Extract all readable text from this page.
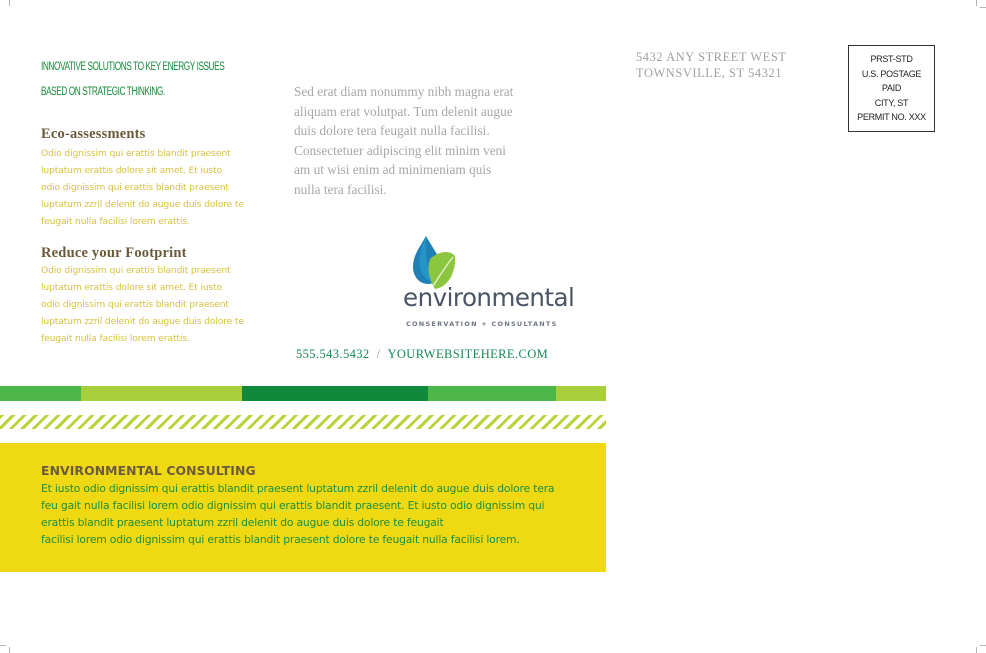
INNOVATIVE SOLUTIONS TO KEY ENERGY ISSUES
BASED ON STRATEGIC THINKING.
Eco-assessments
Odio dignissim qui erattis blandit praesent
luptatum erattis dolore sit amet. Et iusto
odio dignissim qui erattis blandit praesent
luptatum zzril delenit do augue duis dolore te
feugait nulla facilisi lorem erattis.
Reduce your Footprint
Odio dignissim qui erattis blandit praesent
luptatum erattis dolore sit amet. Et iusto
odio dignissim qui erattis blandit praesent
luptatum zzril delenit do augue duis dolore te
feugait nulla facilisi lorem erattis.
Sed erat diam nonummy nibh magna erat
aliquam erat volutpat. Tum delenit augue
duis dolore tera feugait nulla facilisi.
Consectetuer adipiscing elit minim veni
am ut wisi enim ad minimeniam quis
nulla tera facilisi.
5432 ANY STREET WEST
TOWNSVILLE, ST 54321
PRST-STD
U.S. POSTAGE
PAID
CITY, ST
PERMIT NO. XXX
environmental
CONSERVATION + CONSULTANTS
555.543.5432 / YOURWEBSITEHERE.COM
ENVIRONMENTAL CONSULTING
Et iusto odio dignissim qui erattis blandit praesent luptatum zzril delenit do augue duis dolore tera
feu gait nulla facilisi lorem odio dignissim qui erattis blandit praesent. Et iusto odio dignissim qui
erattis blandit praesent luptatum zzril delenit do augue duis dolore te feugait
facilisi lorem odio dignissim qui erattis blandit praesent dolore te feugait nulla facilisi lorem.
